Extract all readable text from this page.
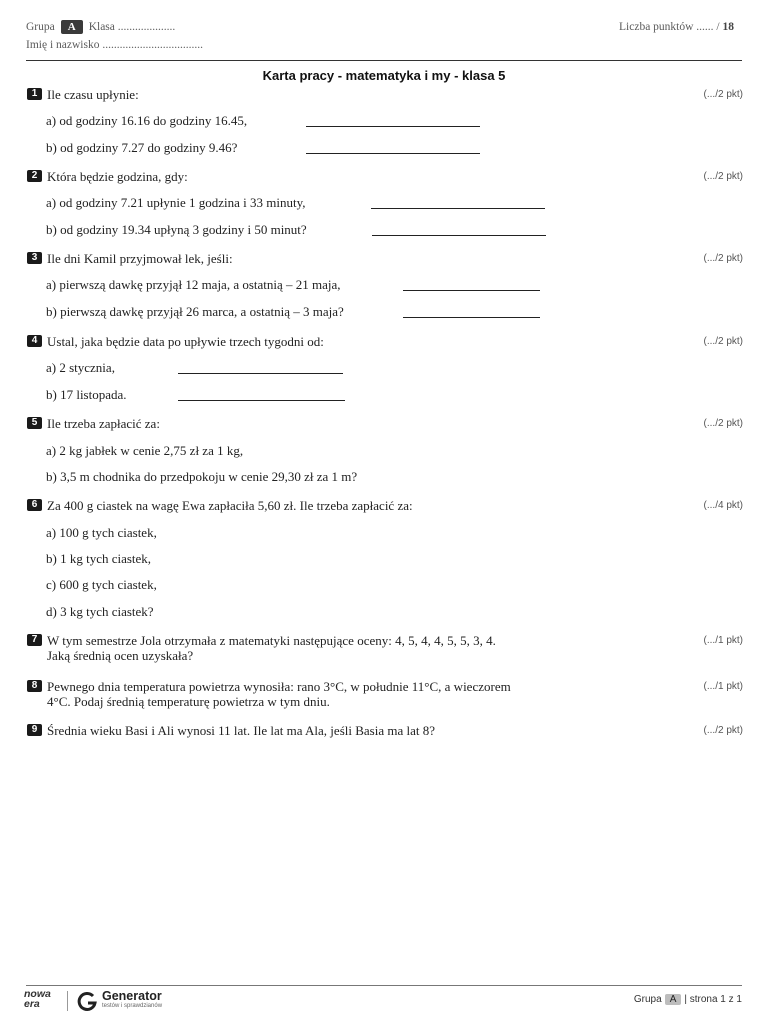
Grupa A Klasa ....................	Liczba punktów ...... / 18
Imię i nazwisko ...................................
Karta pracy - matematyka i my - klasa 5
1 Ile czasu upłynie:	(.../2 pkt)
a) od godziny 16.16 do godziny 16.45,
b) od godziny 7.27 do godziny 9.46?
2 Która będzie godzina, gdy:	(.../2 pkt)
a) od godziny 7.21 upłynie 1 godzina i 33 minuty,
b) od godziny 19.34 upłyną 3 godziny i 50 minut?
3 Ile dni Kamil przyjmował lek, jeśli:	(.../2 pkt)
a) pierwszą dawkę przyjął 12 maja, a ostatnią – 21 maja,
b) pierwszą dawkę przyjął 26 marca, a ostatnią – 3 maja?
4 Ustal, jaka będzie data po upływie trzech tygodni od:	(.../2 pkt)
a) 2 stycznia,
b) 17 listopada.
5 Ile trzeba zapłacić za:	(.../2 pkt)
a) 2 kg jabłek w cenie 2,75 zł za 1 kg,
b) 3,5 m chodnika do przedpokoju w cenie 29,30 zł za 1 m?
6 Za 400 g ciastek na wagę Ewa zapłaciła 5,60 zł. Ile trzeba zapłacić za:	(.../4 pkt)
a) 100 g tych ciastek,
b) 1 kg tych ciastek,
c) 600 g tych ciastek,
d) 3 kg tych ciastek?
7 W tym semestrze Jola otrzymała z matematyki następujące oceny: 4, 5, 4, 4, 5, 5, 3, 4.
Jaką średnią ocen uzyskała?
(.../1 pkt)
8 Pewnego dnia temperatura powietrza wynosiła: rano 3°C, w południe 11°C, a wieczorem
4°C. Podaj średnią temperaturę powietrza w tym dniu.
(.../1 pkt)
9 Średnia wieku Basi i Ali wynosi 11 lat. Ile lat ma Ala, jeśli Basia ma lat 8?	(.../2 pkt)
nowa
era
Generator
testów i sprawdzianów
Grupa A | strona 1 z 1
